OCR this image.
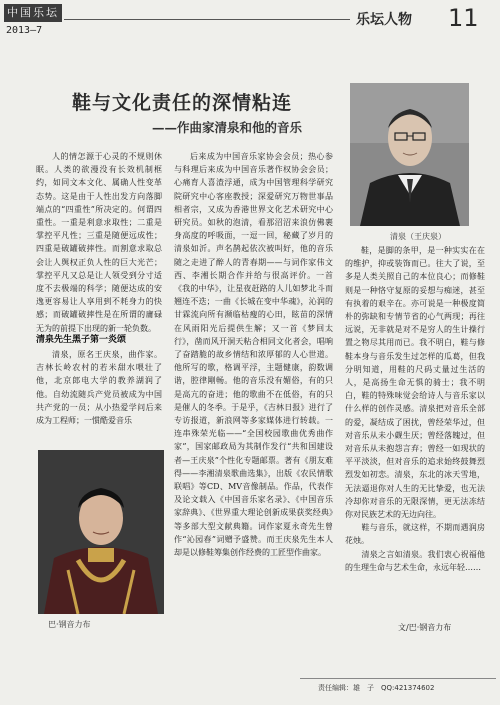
中国乐坛
2013—7
乐坛人物 11
鞋与文化责任的深情粘连
——作曲家清泉和他的音乐

人的情怎源于心灵的不规则休眠。人类的欲漫没有长效机制框约，如同文本文化、属确人性变革态势。这是由于人性出发方向落脚端点的“四重性”所决定的。何谓四重性。一重是利意求取性；二重是掌控平凡性；三重是随便远成性；四重是破罐破摔性。而割意求取总会让人舆权正负人性的巨大光芒；掌控平凡又总是让人领受到分寸适度不去极端的科学；随便达成的安逸更容易让人享用到不耗身力的快感；而破罐破摔性是在所谓的庸碌无为的前提下出现的新一轮负数。

清泉先生黑子第一炎颂

清泉，原名王庆泉，曲作家。吉林长岭农村的若米甜水喂壮了他，北京郎电大学的教养湖润了他。自幼流随兵产党员被成为中国共产党的一员；从小热爱学问后来成为工程师；一惯酷爱音乐

后来成为中国音乐家协会会员；热心参与科理后来成为中国音乐著作权协会会员；心痛育人喜渣浮通，成为中国管理科学研究院研究中心客座教授；深爱研究万物世事品相者宗，又成为香港世界文化艺术研究中心研究员。如秋的泡清，看那沼沼来浪仿佛裹身高度的呼吸面，一逗一回，秘藏了岁月的清泉如沂。声名鹊起依次被叫好，他的音乐随之走进了醉人的青春期——与词作家伟文西、李湘长期合作并给与很高评价。一首《我的中华》，让星夜赶路的人儿如梦北斗而翘连不迭；一曲《长城在变中华魂》，沁润的甘霖流向所有濒临枯瘦的心田，眩苗的深情在风雨阳光后提供生解；又一首《梦回太行》，凿而风开洞天粘合相同文化者会，唱响了奋踏脆的故乡情结和浓厚郁的人心世道。他所写的歌，格调平浮，主题健康，韵数调谐，腔律剛畅。他的音乐没有媚俗，有的只是高亢的奋进；他的歌曲不在低俗，有的只是催人的冬季。于是乎，《吉林日报》进行了专访报道，新浪网等多家媒体进行转载。一连串殊荣光临——“全国校园歌曲优秀曲作家”，国家邮政局为其制作发行“共和国建设者—王庆泉”个性化专题邮票。著有《朋友难得——李湘清泉歌曲选集》，出版《农民情歌联唱》等CD、MV音像制品。作品，代表作及论文载入《中国音乐家名录》、《中国音乐家辞典》、《世界重大理论创新成果获奖经典》等多部大型文献典籍。词作家夏永奇先生曾作“沁园春”词赠予盛赞。而王庆泉先生本人却是以修鞋筹集创作经费的工匠型作曲家。

鞋，是脚的条甲，是一种实实在在的维护，抑或装饰而已。往大了说，至多是人类关照自己的本位良心；而修鞋则是一种恪守复原的妥想与痴迷，甚至有执着的艰辛在。亦可说是一种极度简朴的弥缺和专情节省的心气两现；再往远说，无非就是对不是穷人的生计操行置之物尽其用而已。我不明白，鞋与修鞋本身与音乐发生过怎样的瓜葛，但我分明知道，用鞋的尺码丈量过生活的人，是高扬生命无惧的骑士；我不明白，鞋的特殊味觉会给诗人与音乐家以什么样的创作灵感。清泉把对音乐全部的爱，凝结成了困扰，曾经荣华过，但对音乐从未小觑生厌；曾经落魄过，但对音乐从未抱怨言弃；曾经一如现状的平平淡淡，但对音乐的追求始终鼓舞烈烈发如初恋。清泉，东北的冰天雪地，无法逼退你对人生的无比挚爱，也无法冷却你对音乐的无限深情，更无法冻结你对民族艺术的无边向往。
　　鞋与音乐，就这样，不期而遇润房花烛。
　　清泉之言如清泉。我们衷心祝福他的生理生命与艺术生命，永远年轻……

清泉（王庆泉）
巴·钢音力布	文/巴·钢音力布
责任编辑：雄　子　QQ:421374602
